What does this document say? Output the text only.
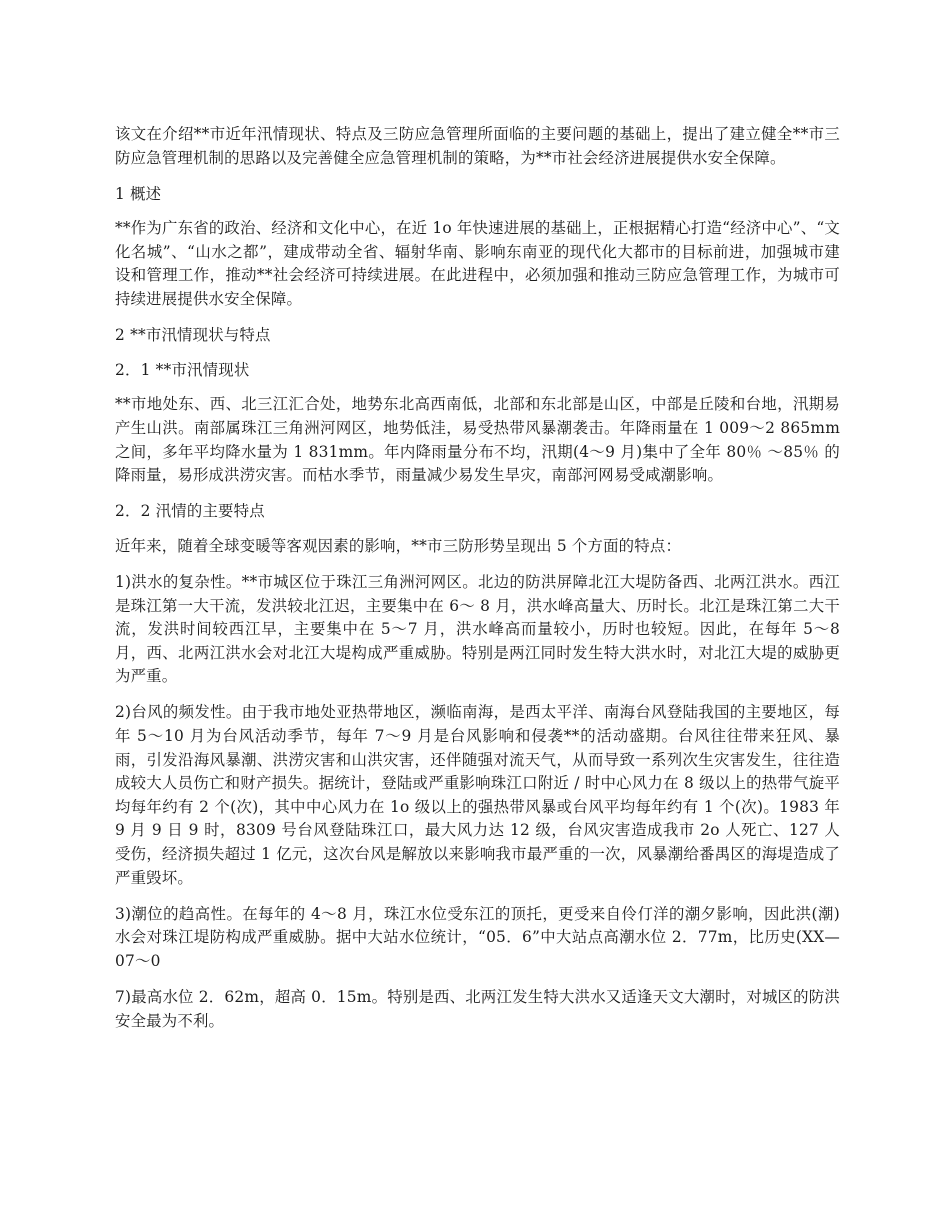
该文在介绍**市近年汛情现状、特点及三防应急管理所面临的主要问题的基础上，提出了建立健全**市三防应急管理机制的思路以及完善健全应急管理机制的策略，为**市社会经济进展提供水安全保障。

1 概述

**作为广东省的政治、经济和文化中心，在近 1o 年快速进展的基础上，正根据精心打造“经济中心”、“文化名城”、“山水之都”，建成带动全省、辐射华南、影响东南亚的现代化大都市的目标前进，加强城市建设和管理工作，推动**社会经济可持续进展。在此进程中，必须加强和推动三防应急管理工作，为城市可持续进展提供水安全保障。

2 **市汛情现状与特点

2．1 **市汛情现状

**市地处东、西、北三江汇合处，地势东北高西南低，北部和东北部是山区，中部是丘陵和台地，汛期易产生山洪。南部属珠江三角洲河网区，地势低洼，易受热带风暴潮袭击。年降雨量在 1 009～2 865mm 之间，多年平均降水量为 1 831mm。年内降雨量分布不均，汛期(4～9 月)集中了全年 80％ ～85％ 的降雨量，易形成洪涝灾害。而枯水季节，雨量减少易发生旱灾，南部河网易受咸潮影响。

2．2 汛情的主要特点

近年来，随着全球变暖等客观因素的影响，**市三防形势呈现出 5 个方面的特点：

1)洪水的复杂性。**市城区位于珠江三角洲河网区。北边的防洪屏障北江大堤防备西、北两江洪水。西江是珠江第一大干流，发洪较北江迟，主要集中在 6～ 8 月，洪水峰高量大、历时长。北江是珠江第二大干流，发洪时间较西江早，主要集中在 5～7 月，洪水峰高而量较小，历时也较短。因此，在每年 5～8 月，西、北两江洪水会对北江大堤构成严重威胁。特别是两江同时发生特大洪水时，对北江大堤的威胁更为严重。

2)台风的频发性。由于我市地处亚热带地区，濒临南海，是西太平洋、南海台风登陆我国的主要地区，每年 5～10 月为台风活动季节，每年 7～9 月是台风影响和侵袭**的活动盛期。台风往往带来狂风、暴雨，引发沿海风暴潮、洪涝灾害和山洪灾害，还伴随强对流天气，从而导致一系列次生灾害发生，往往造成较大人员伤亡和财产损失。据统计，登陆或严重影响珠江口附近 / 时中心风力在 8 级以上的热带气旋平均每年约有 2 个(次)，其中中心风力在 1o 级以上的强热带风暴或台风平均每年约有 1 个(次)。1983 年 9 月 9 日 9 时，8309 号台风登陆珠江口，最大风力达 12 级，台风灾害造成我市 2o 人死亡、127 人受伤，经济损失超过 1 亿元，这次台风是解放以来影响我市最严重的一次，风暴潮给番禺区的海堤造成了严重毁坏。

3)潮位的趋高性。在每年的 4～8 月，珠江水位受东江的顶托，更受来自伶仃洋的潮夕影响，因此洪(潮)水会对珠江堤防构成严重威胁。据中大站水位统计，“05．6”中大站点高潮水位 2．77m，比历史(XX—07～0

7)最高水位 2．62m，超高 0．15m。特别是西、北两江发生特大洪水又适逢天文大潮时，对城区的防洪安全最为不利。
